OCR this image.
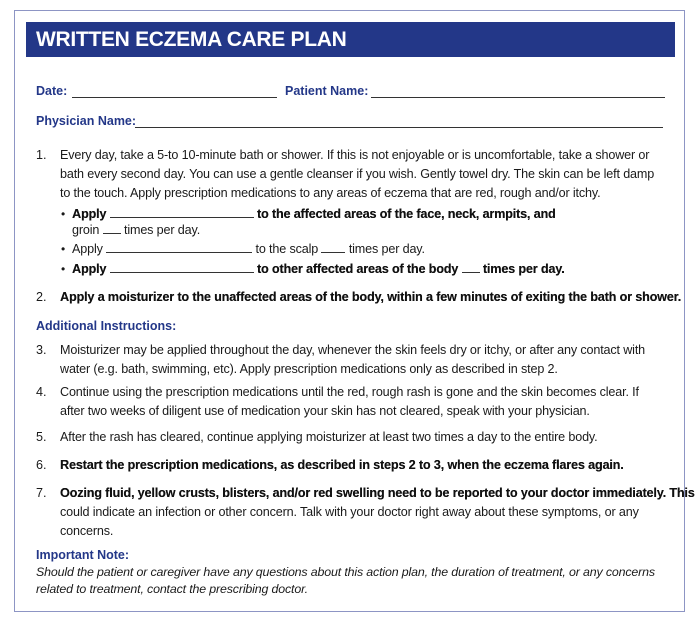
WRITTEN ECZEMA CARE PLAN
Date:	Patient Name:
Physician Name:
1. Every day, take a 5-to 10-minute bath or shower. If this is not enjoyable or is uncomfortable, take a shower or
bath every second day. You can use a gentle cleanser if you wish. Gently towel dry. The skin can be left damp
to the touch. Apply prescription medications to any areas of eczema that are red, rough and/or itchy.
• Apply	to the affected areas of the face, neck, armpits, and
groin times per day.
• Apply	to the scalp times per day.
• Apply	to other affected areas of the body times per day.
2. Apply a moisturizer to the unaffected areas of the body, within a few minutes of exiting the bath or shower.
Additional Instructions:
3. Moisturizer may be applied throughout the day, whenever the skin feels dry or itchy, or after any contact with
water (e.g. bath, swimming, etc). Apply prescription medications only as described in step 2.
4. Continue using the prescription medications until the red, rough rash is gone and the skin becomes clear. If
after two weeks of diligent use of medication your skin has not cleared, speak with your physician.
5. After the rash has cleared, continue applying moisturizer at least two times a day to the entire body.
6. Restart the prescription medications, as described in steps 2 to 3, when the eczema flares again.
7. Oozing fluid, yellow crusts, blisters, and/or red swelling need to be reported to your doctor immediately. This
could indicate an infection or other concern. Talk with your doctor right away about these symptoms, or any
concerns.
Important Note:
Should the patient or caregiver have any questions about this action plan, the duration of treatment, or any concerns
related to treatment, contact the prescribing doctor.
